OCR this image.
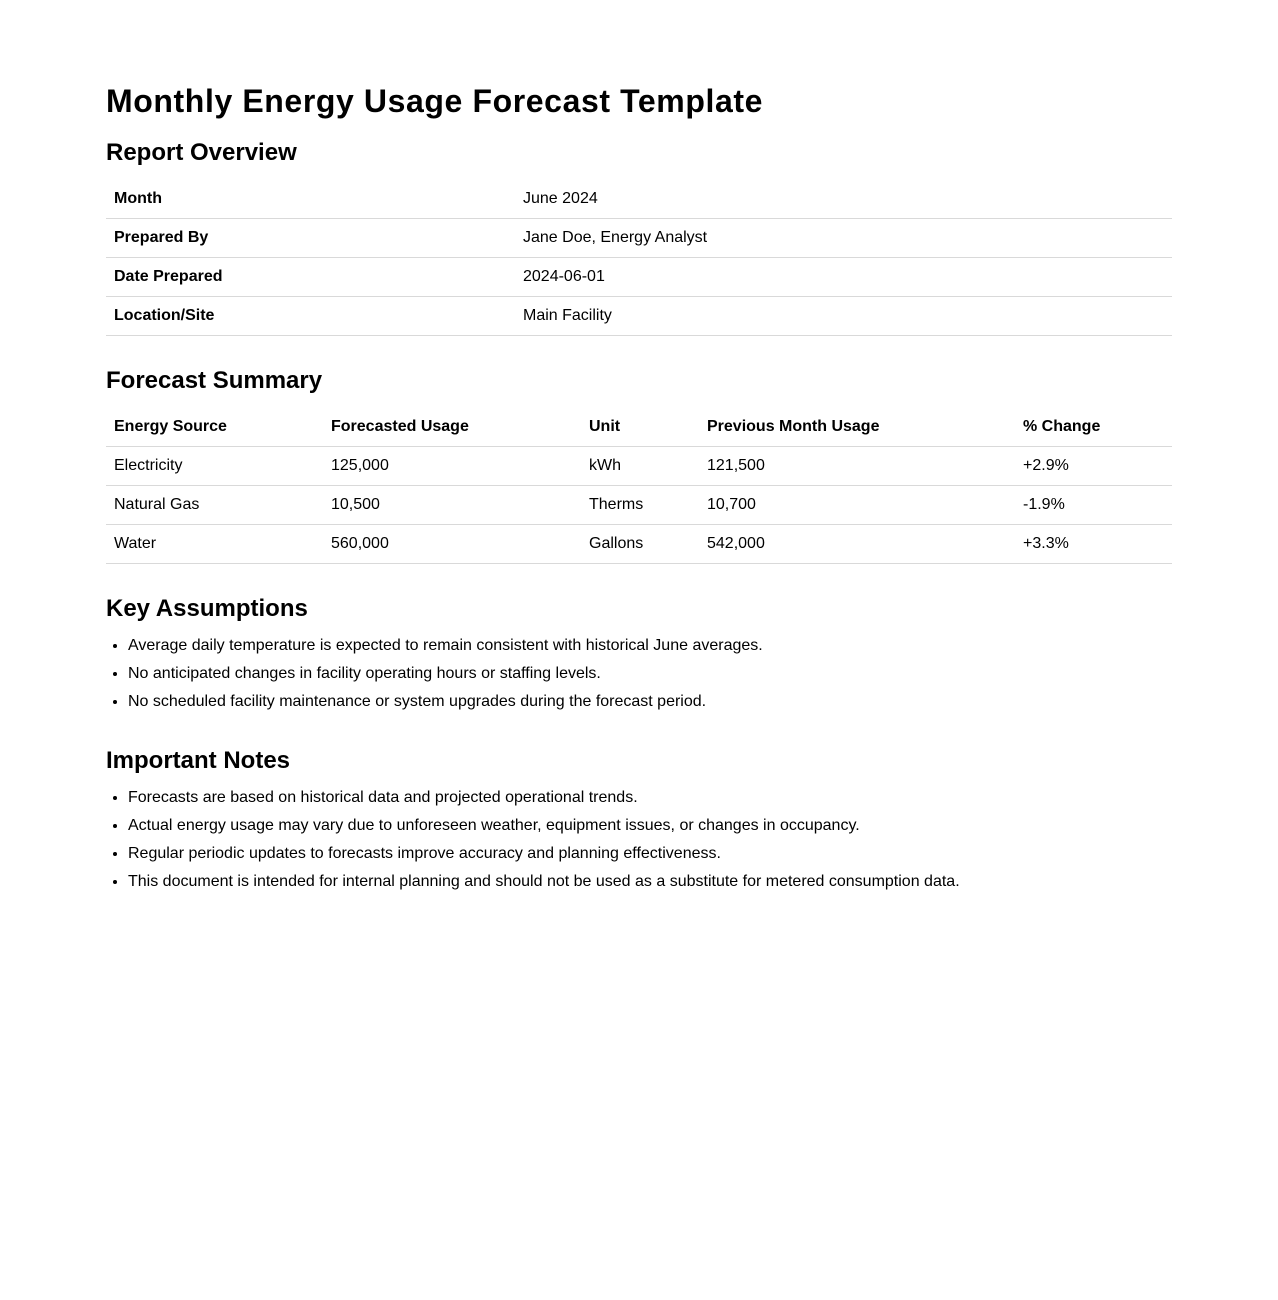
Monthly Energy Usage Forecast Template
Report Overview
Month	June 2024
Prepared By	Jane Doe, Energy Analyst
Date Prepared	2024-06-01
Location/Site	Main Facility
Forecast Summary
Energy Source	Forecasted Usage	Unit	Previous Month Usage	% Change
Electricity	125,000	kWh	121,500	+2.9%
Natural Gas	10,500	Therms	10,700	-1.9%
Water	560,000	Gallons	542,000	+3.3%
Key Assumptions
• Average daily temperature is expected to remain consistent with historical June averages.
• No anticipated changes in facility operating hours or staffing levels.
• No scheduled facility maintenance or system upgrades during the forecast period.
Important Notes
• Forecasts are based on historical data and projected operational trends.
• Actual energy usage may vary due to unforeseen weather, equipment issues, or changes in occupancy.
• Regular periodic updates to forecasts improve accuracy and planning effectiveness.
• This document is intended for internal planning and should not be used as a substitute for metered consumption data.
